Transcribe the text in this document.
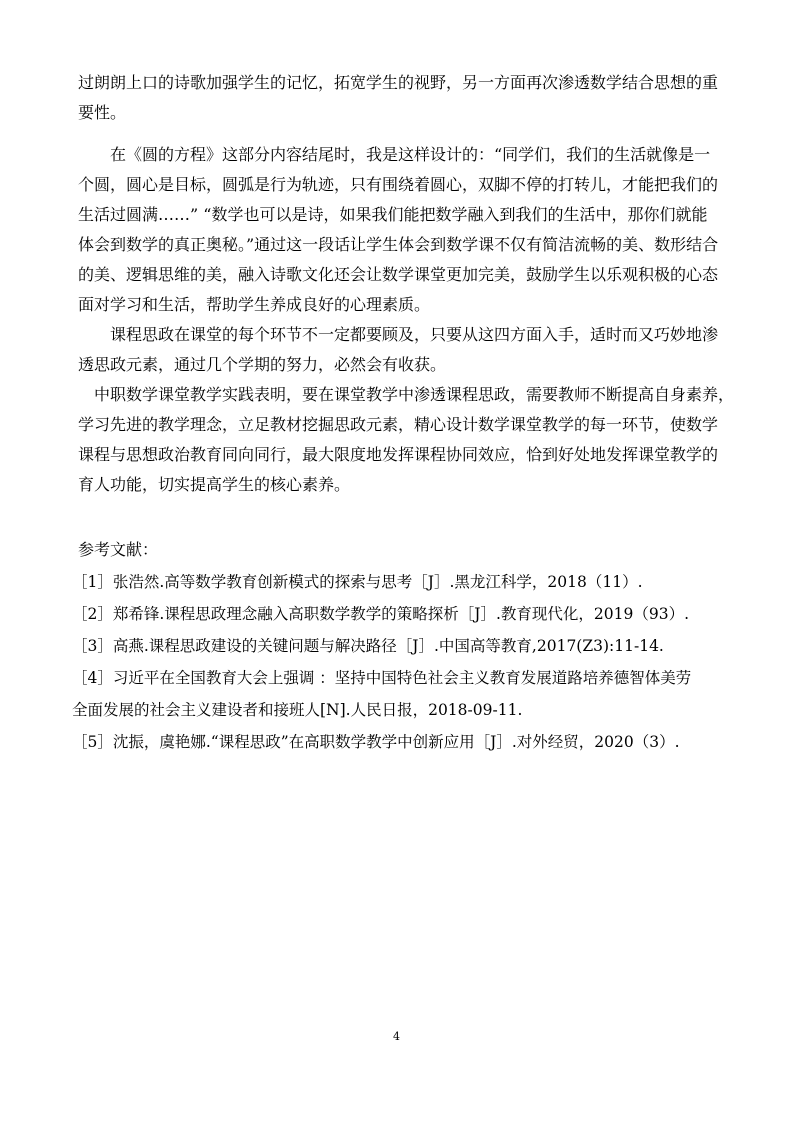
过朗朗上口的诗歌加强学生的记忆，拓宽学生的视野，另一方面再次渗透数学结合思想的重
要性。
　　在《圆的方程》这部分内容结尾时，我是这样设计的：“同学们，我们的生活就像是一
个圆，圆心是目标，圆弧是行为轨迹，只有围绕着圆心，双脚不停的打转儿，才能把我们的
生活过圆满……” “数学也可以是诗，如果我们能把数学融入到我们的生活中，那你们就能
体会到数学的真正奥秘。”通过这一段话让学生体会到数学课不仅有简洁流畅的美、数形结合
的美、逻辑思维的美，融入诗歌文化还会让数学课堂更加完美，鼓励学生以乐观积极的心态
面对学习和生活，帮助学生养成良好的心理素质。
　　课程思政在课堂的每个环节不一定都要顾及，只要从这四方面入手，适时而又巧妙地渗
透思政元素，通过几个学期的努力，必然会有收获。
　中职数学课堂教学实践表明，要在课堂教学中渗透课程思政，需要教师不断提高自身素养，
学习先进的教学理念，立足教材挖掘思政元素，精心设计数学课堂教学的每一环节，使数学
课程与思想政治教育同向同行，最大限度地发挥课程协同效应，恰到好处地发挥课堂教学的
育人功能，切实提高学生的核心素养。
参考文献：
［1］张浩然.高等数学教育创新模式的探索与思考［J］.黑龙江科学，2018（11）.
［2］郑希锋.课程思政理念融入高职数学教学的策略探析［J］.教育现代化，2019（93）.
［3］高燕.课程思政建设的关键问题与解决路径［J］.中国高等教育,2017(Z3):11-14.
［4］习近平在全国教育大会上强调 ：坚持中国特色社会主义教育发展道路培养德智体美劳
全面发展的社会主义建设者和接班人[N].人民日报，2018-09-11.
［5］沈振，虞艳娜.“课程思政”在高职数学教学中创新应用［J］.对外经贸，2020（3）.
4
